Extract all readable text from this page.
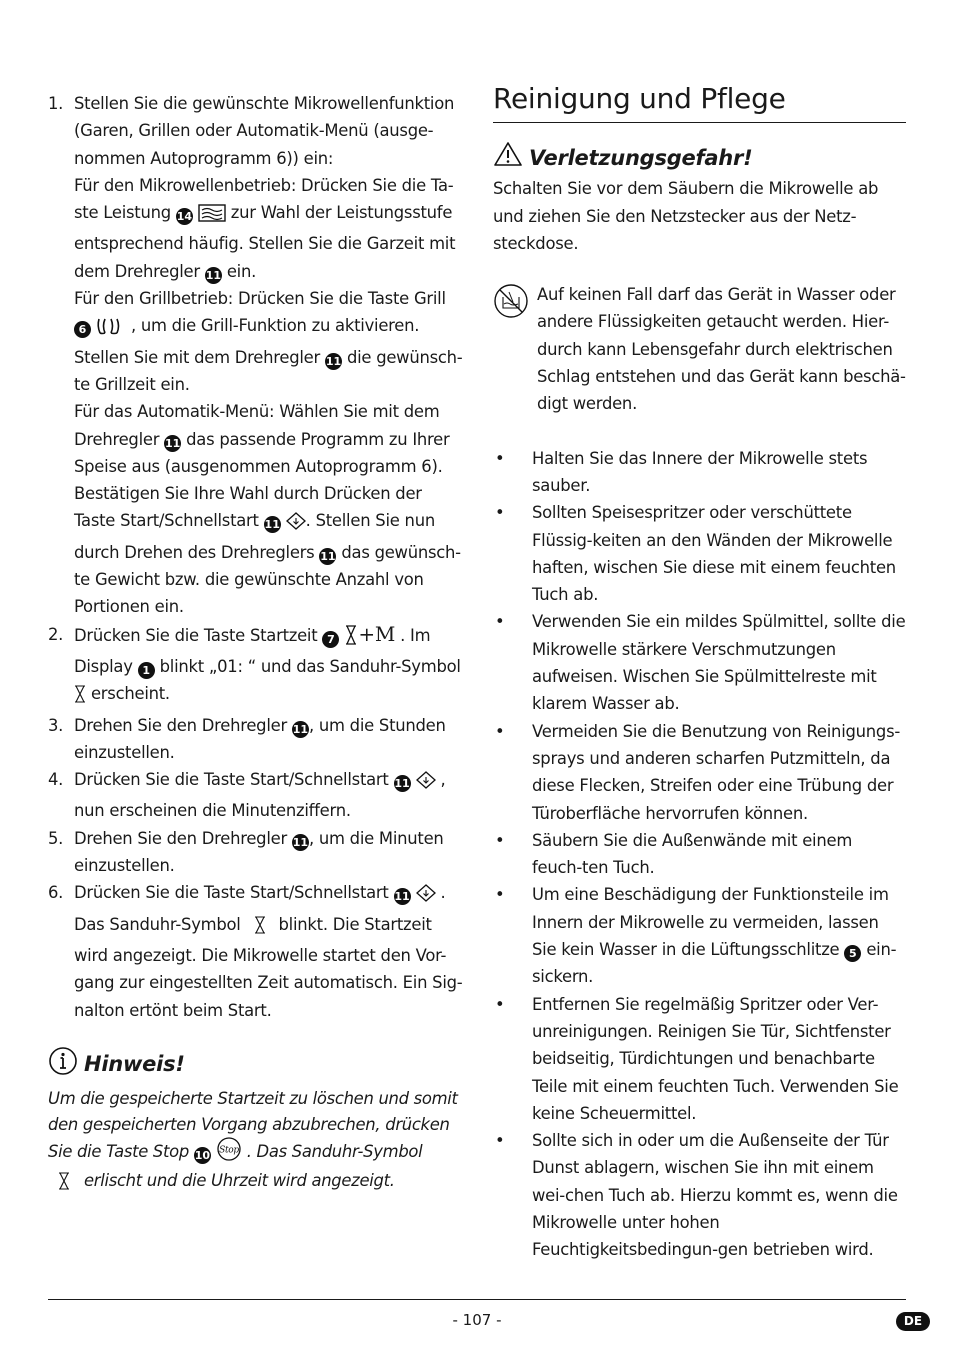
1. Stellen Sie die gewünschte Mikrowellenfunktion (Garen, Grillen oder Automatik-Menü (ausge-nommen Autoprogramm 6)) ein:
Für den Mikrowellenbetrieb: Drücken Sie die Ta-ste Leistung 14 zur Wahl der Leistungsstufe entsprechend häufig. Stellen Sie die Garzeit mit dem Drehregler 11 ein.
Für den Grillbetrieb: Drücken Sie die Taste Grill 6	, um die Grill-Funktion zu aktivieren. Stellen Sie mit dem Drehregler 11 die gewünsch-te Grillzeit ein.
Für das Automatik-Menü: Wählen Sie mit dem Drehregler 11 das passende Programm zu Ihrer Speise aus (ausgenommen Autoprogramm 6). Bestätigen Sie Ihre Wahl durch Drücken der Taste Start/Schnellstart 11 . Stellen Sie nun durch Drehen des Drehreglers 11 das gewünsch-te Gewicht bzw. die gewünschte Anzahl von Portionen ein.
2. Drücken Sie die Taste Startzeit 7 +M . Im Display 1 blinkt „01: “ und das Sanduhr-Symbol  erscheint.
3. Drehen Sie den Drehregler 11, um die Stunden einzustellen.
4. Drücken Sie die Taste Start/Schnellstart 11 , nun erscheinen die Minutenziffern.
5. Drehen Sie den Drehregler 11, um die Minuten einzustellen.
6. Drücken Sie die Taste Start/Schnellstart 11 . Das Sanduhr-Symbol blinkt. Die Startzeit wird angezeigt. Die Mikrowelle startet den Vor-gang zur eingestellten Zeit automatisch. Ein Sig-nalton ertönt beim Start.
Hinweis!
Um die gespeicherte Startzeit zu löschen und somit den gespeicherten Vorgang abzubrechen, drücken Sie die Taste Stop 10 Stop . Das Sanduhr-Symbol
erlischt und die Uhrzeit wird angezeigt.
Reinigung und Pflege
Verletzungsgefahr!
Schalten Sie vor dem Säubern die Mikrowelle ab und ziehen Sie den Netzstecker aus der Netz-steckdose.
Auf keinen Fall darf das Gerät in Wasser oder andere Flüssigkeiten getaucht werden. Hier-durch kann Lebensgefahr durch elektrischen Schlag entstehen und das Gerät kann beschä-digt werden.
• Halten Sie das Innere der Mikrowelle stets sauber.
• Sollten Speisespritzer oder verschüttete Flüssig-keiten an den Wänden der Mikrowelle haften, wischen Sie diese mit einem feuchten Tuch ab.
• Verwenden Sie ein mildes Spülmittel, sollte die Mikrowelle stärkere Verschmutzungen aufweisen. Wischen Sie Spülmittelreste mit klarem Wasser ab.
• Vermeiden Sie die Benutzung von Reinigungs-sprays und anderen scharfen Putzmitteln, da diese Flecken, Streifen oder eine Trübung der Türoberfläche hervorrufen können.
• Säubern Sie die Außenwände mit einem feuch-ten Tuch.
• Um eine Beschädigung der Funktionsteile im Innern der Mikrowelle zu vermeiden, lassen Sie kein Wasser in die Lüftungsschlitze 5 ein-sickern.
• Entfernen Sie regelmäßig Spritzer oder Ver-unreinigungen. Reinigen Sie Tür, Sichtfenster beidseitig, Türdichtungen und benachbarte Teile mit einem feuchten Tuch. Verwenden Sie keine Scheuermittel.
• Sollte sich in oder um die Außenseite der Tür Dunst ablagern, wischen Sie ihn mit einem wei-chen Tuch ab. Hierzu kommt es, wenn die Mikrowelle unter hohen Feuchtigkeitsbedingun-gen betrieben wird.
- 107 -	DE
